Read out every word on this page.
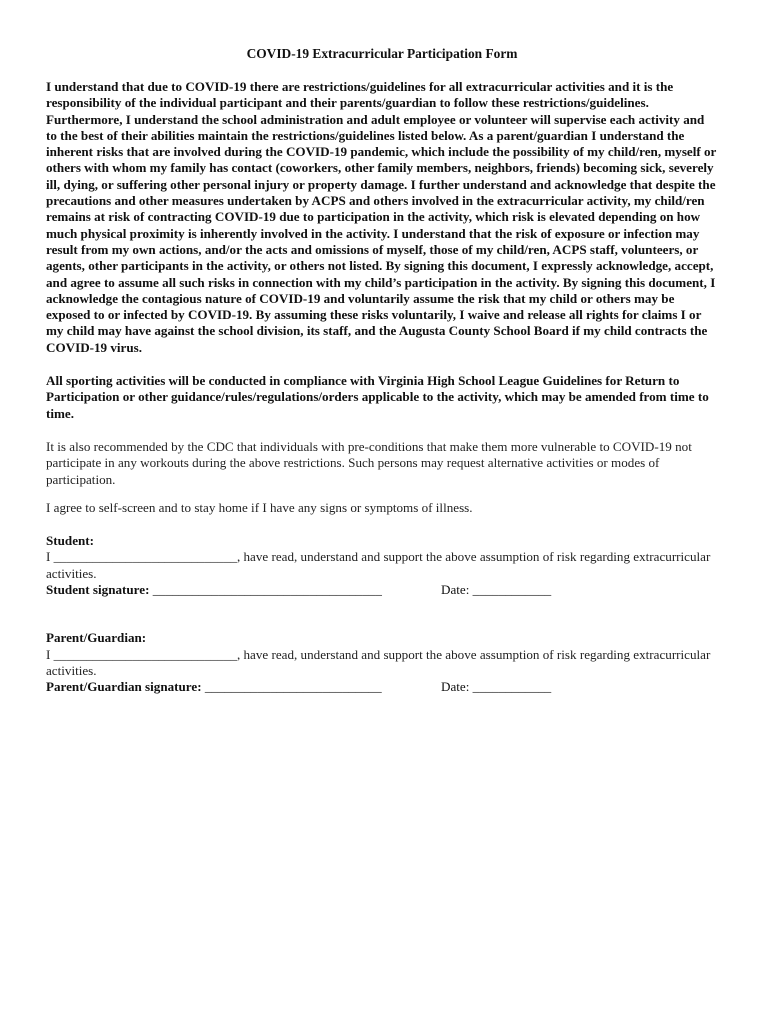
COVID-19 Extracurricular Participation Form

I understand that due to COVID-19 there are restrictions/guidelines for all extracurricular activities and it is the responsibility of the individual participant and their parents/guardian to follow these restrictions/guidelines. Furthermore, I understand the school administration and adult employee or volunteer will supervise each activity and to the best of their abilities maintain the restrictions/guidelines listed below. As a parent/guardian I understand the inherent risks that are involved during the COVID-19 pandemic, which include the possibility of my child/ren, myself or others with whom my family has contact (coworkers, other family members, neighbors, friends) becoming sick, severely ill, dying, or suffering other personal injury or property damage. I further understand and acknowledge that despite the precautions and other measures undertaken by ACPS and others involved in the extracurricular activity, my child/ren remains at risk of contracting COVID-19 due to participation in the activity, which risk is elevated depending on how much physical proximity is inherently involved in the activity. I understand that the risk of exposure or infection may result from my own actions, and/or the acts and omissions of myself, those of my child/ren, ACPS staff, volunteers, or agents, other participants in the activity, or others not listed. By signing this document, I expressly acknowledge, accept, and agree to assume all such risks in connection with my child’s participation in the activity. By signing this document, I acknowledge the contagious nature of COVID-19 and voluntarily assume the risk that my child or others may be exposed to or infected by COVID-19. By assuming these risks voluntarily, I waive and release all rights for claims I or my child may have against the school division, its staff, and the Augusta County School Board if my child contracts the COVID-19 virus.

All sporting activities will be conducted in compliance with Virginia High School League Guidelines for Return to Participation or other guidance/rules/regulations/orders applicable to the activity, which may be amended from time to time.

It is also recommended by the CDC that individuals with pre-conditions that make them more vulnerable to COVID-19 not participate in any workouts during the above restrictions. Such persons may request alternative activities or modes of participation.

I agree to self-screen and to stay home if I have any signs or symptoms of illness.

Student:
I ____________________________, have read, understand and support the above assumption of risk regarding extracurricular activities.
Student signature: ___________________________________	Date: ____________
Parent/Guardian:
I ____________________________, have read, understand and support the above assumption of risk regarding extracurricular activities.
Parent/Guardian signature: ___________________________	Date: ____________
